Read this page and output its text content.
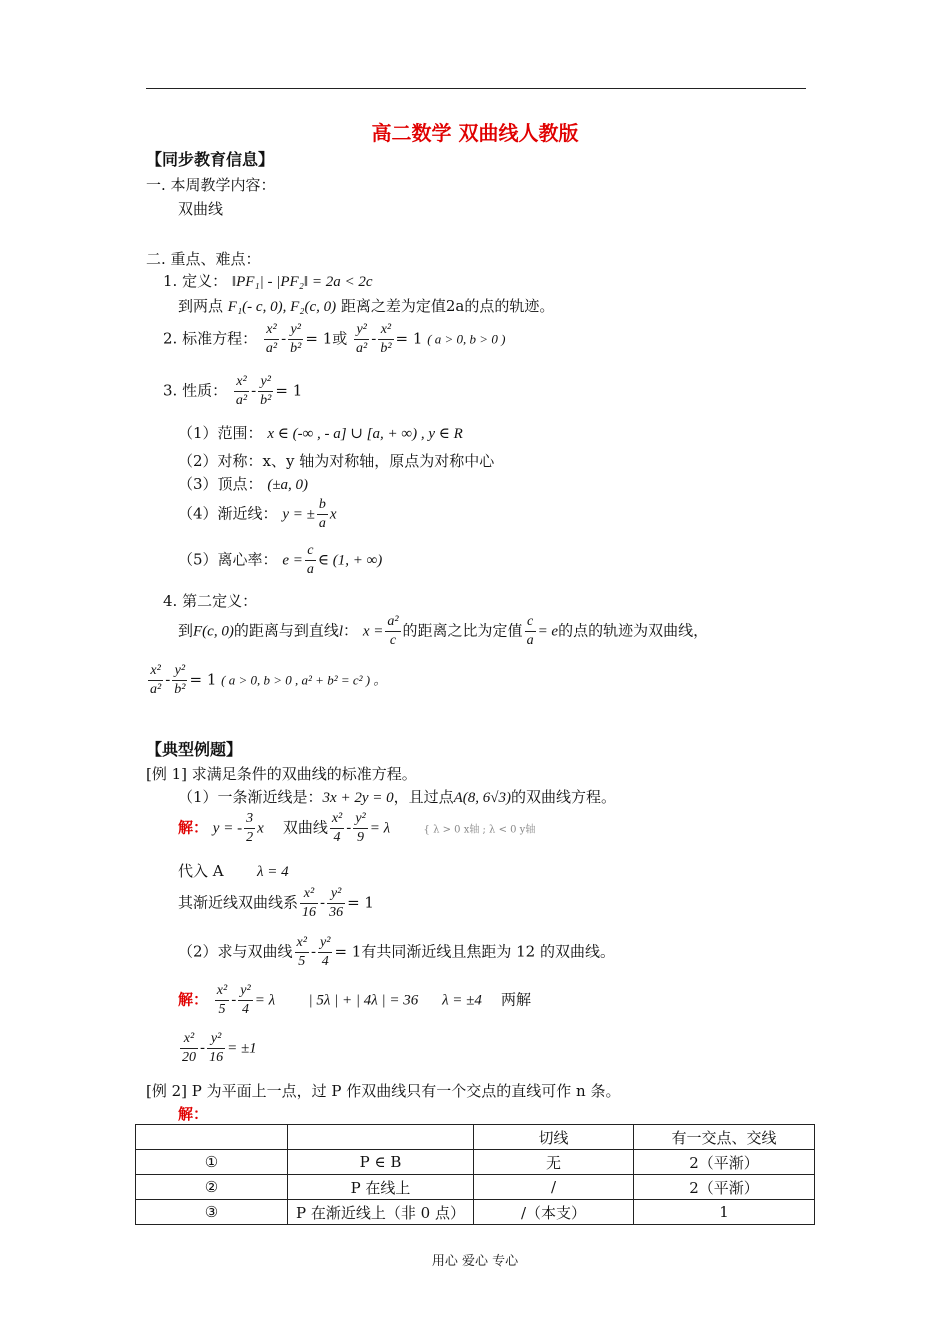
高二数学 双曲线人教版
【同步教育信息】
一. 本周教学内容：
双曲线
二. 重点、难点：
1. 定义： ‖PF₁| - |PF₂‖ = 2a < 2c
到两点 F₁(- c, 0), F₂(c, 0) 距离之差为定值2a的点的轨迹。
2. 标准方程： $\frac{\text{x²}}{\text{a²}} - \frac{\text{y²}}{\text{b²}} = 1$或 $\frac{\text{y²}}{\text{a²}} - \frac{\text{x²}}{\text{b²}} = 1$ ( a > 0, b > 0 )
3. 性质： $\frac{\text{x²}}{\text{a²}} - \frac{\text{y²}}{\text{b²}} = 1$
（1）范围： x ∈ (-∞ , - a] ∪ [a, + ∞) , y ∈ R
（2）对称：x、y 轴为对称轴，原点为对称中心
（3）顶点： (±a, 0)
（4）渐近线： y = ± $\frac{b}{a}$ x
（5）离心率： $e = \frac{c}{a}$ ∈ (1, + ∞)
4. 第二定义：
到F(c, 0)的距离与到直线l： $x = \frac{\text{a²}}{c}$ 的距离之比为定值 $\frac{c}{a} = e$的点的轨迹为双曲线，
$\frac{\text{x²}}{\text{a²}} - \frac{\text{y²}}{\text{b²}} = 1$ ( a > 0, b > 0 , a² + b² = c² ) 。
【典型例题】
[例 1] 求满足条件的双曲线的标准方程。
（1）一条渐近线是：3x + 2y = 0，且过点A(8, 6√3)的双曲线方程。
解： y = - $\frac{3}{2}$ x 双曲线 $\frac{\text{x²}}{4} - \frac{\text{y²}}{9} = \lambda$	{ λ > 0 x轴 ; λ < 0 y轴
代入 A λ = 4
其渐近线双曲线系 $\frac{\text{x²}}{16} - \frac{\text{y²}}{36} = 1$
（2）求与双曲线 $\frac{\text{x²}}{5} - \frac{\text{y²}}{4} = 1$有共同渐近线且焦距为 12 的双曲线。
解： $\frac{\text{x²}}{5} - \frac{\text{y²}}{4} = \lambda$ | 5λ | + | 4λ | = 36 λ = ±4 两解
$\frac{\text{x²}}{20} - \frac{\text{y²}}{16} = \pm 1$
[例 2] P 为平面上一点，过 P 作双曲线只有一个交点的直线可作 n 条。
解：
		切线	有一交点、交线
①	P ∈ B	无	2（平渐）
②	P 在线上	/	2（平渐）
③	P 在渐近线上（非 0 点）	/（本支）	1
用心 爱心 专心
